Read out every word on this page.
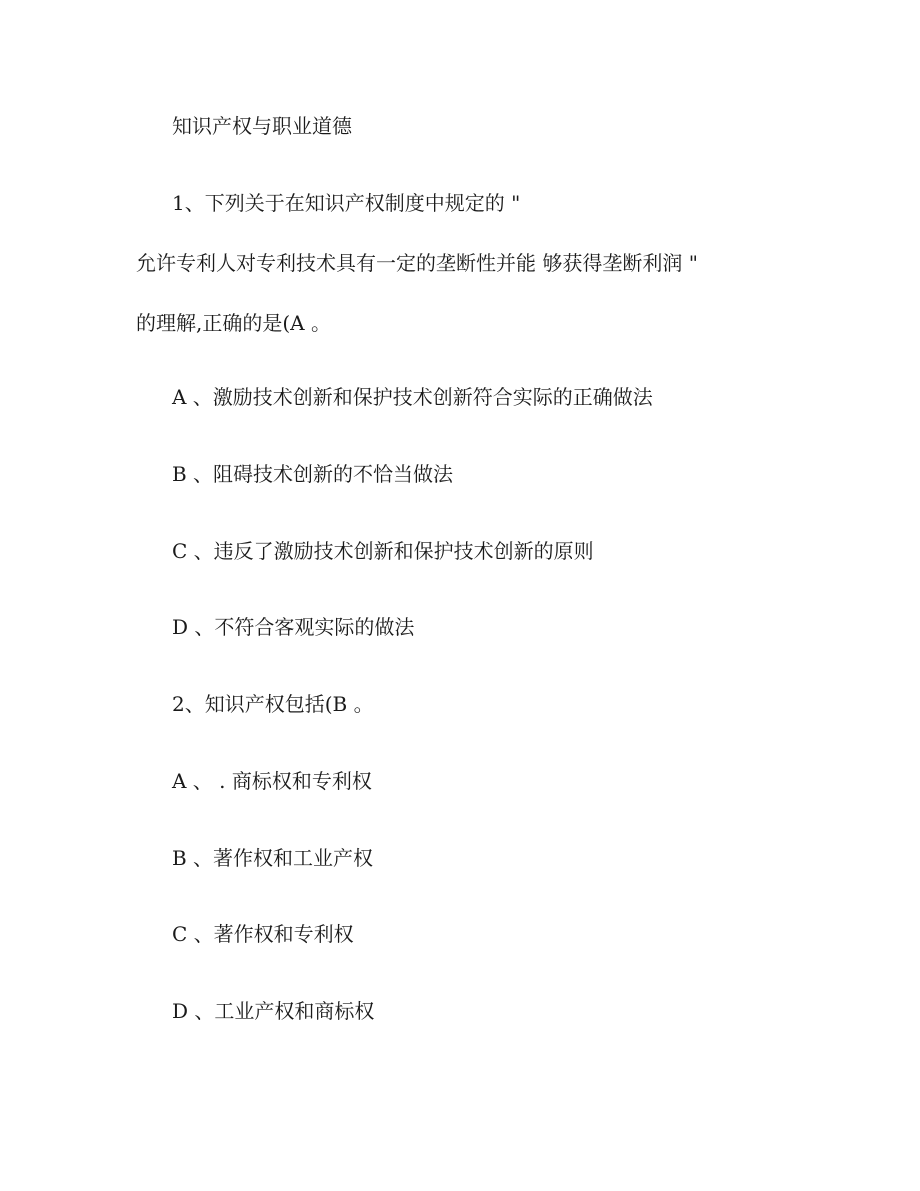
知识产权与职业道德

1、下列关于在知识产权制度中规定的 "

允许专利人对专利技术具有一定的垄断性并能 够获得垄断利润 "

的理解,正确的是(A 。

A 、激励技术创新和保护技术创新符合实际的正确做法

B 、阻碍技术创新的不恰当做法

C 、违反了激励技术创新和保护技术创新的原则

D 、不符合客观实际的做法

2、知识产权包括(B 。

A 、 . 商标权和专利权

B 、著作权和工业产权

C 、著作权和专利权

D 、工业产权和商标权
